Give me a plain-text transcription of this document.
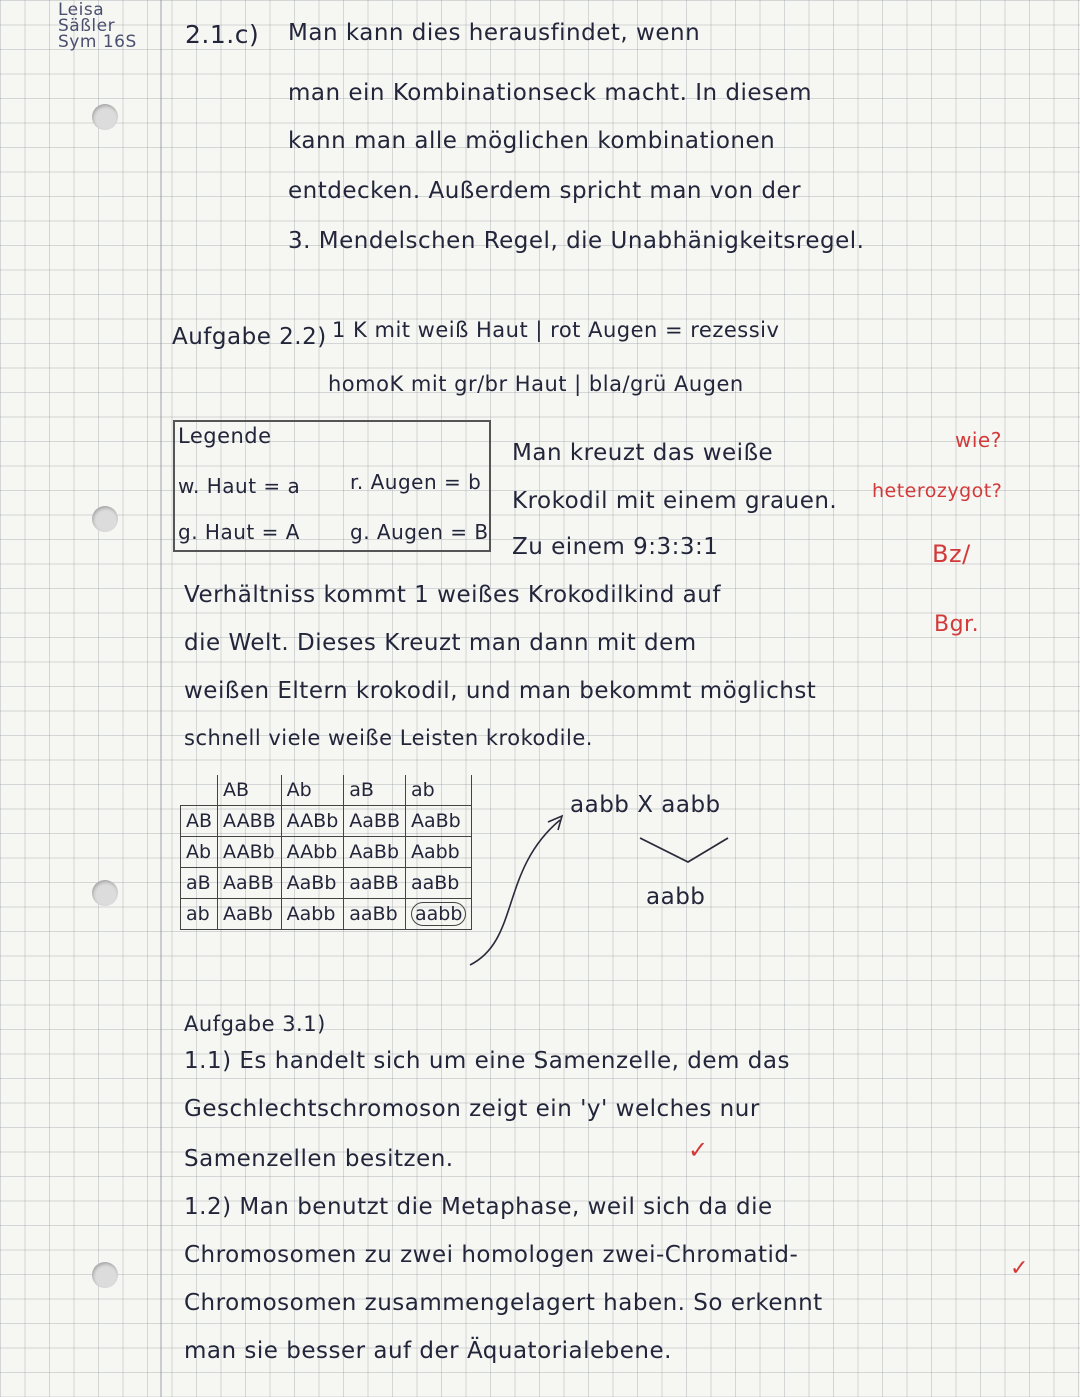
Leisa
Säßler
Sym 16S 2.1.c) Man kann dies herausfindet, wenn
man ein Kombinationseck macht. In diesem
kann man alle möglichen kombinationen
entdecken. Außerdem spricht man von der
3. Mendelschen Regel, die Unabhänigkeitsregel.
Aufgabe 2.2) 1 K mit weiß Haut | rot Augen = rezessiv
homoK mit gr/br Haut | bla/grü Augen
Legende
w. Haut = a r. Augen = b
g. Haut = A	g. Augen = B
Man kreuzt das weiße
Krokodil mit einem grauen.
Zu einem 9:3:3:1
Verhältniss kommt 1 weißes Krokodilkind auf
die Welt. Dieses Kreuzt man dann mit dem
weißen Eltern krokodil, und man bekommt möglichst
schnell viele weiße Leisten krokodile.
wie?
heterozygot?
Bz/
Bgr.
	AB	Ab	aB	ab
AB	AABB	AABb	AaBB	AaBb
Ab	AABb	AAbb	AaBb	Aabb
aB	AaBB	AaBb	aaBB	aaBb
ab	AaBb	Aabb	aaBb	aabb
aabb X aabb
aabb
Aufgabe 3.1)
1.1) Es handelt sich um eine Samenzelle, dem das
Geschlechtschromoson zeigt ein 'y' welches nur
Samenzellen besitzen.
1.2) Man benutzt die Metaphase, weil sich da die
Chromosomen zu zwei homologen zwei-Chromatid-
Chromosomen zusammengelagert haben. So erkennt
man sie besser auf der Äquatorialebene.
✓
✓
